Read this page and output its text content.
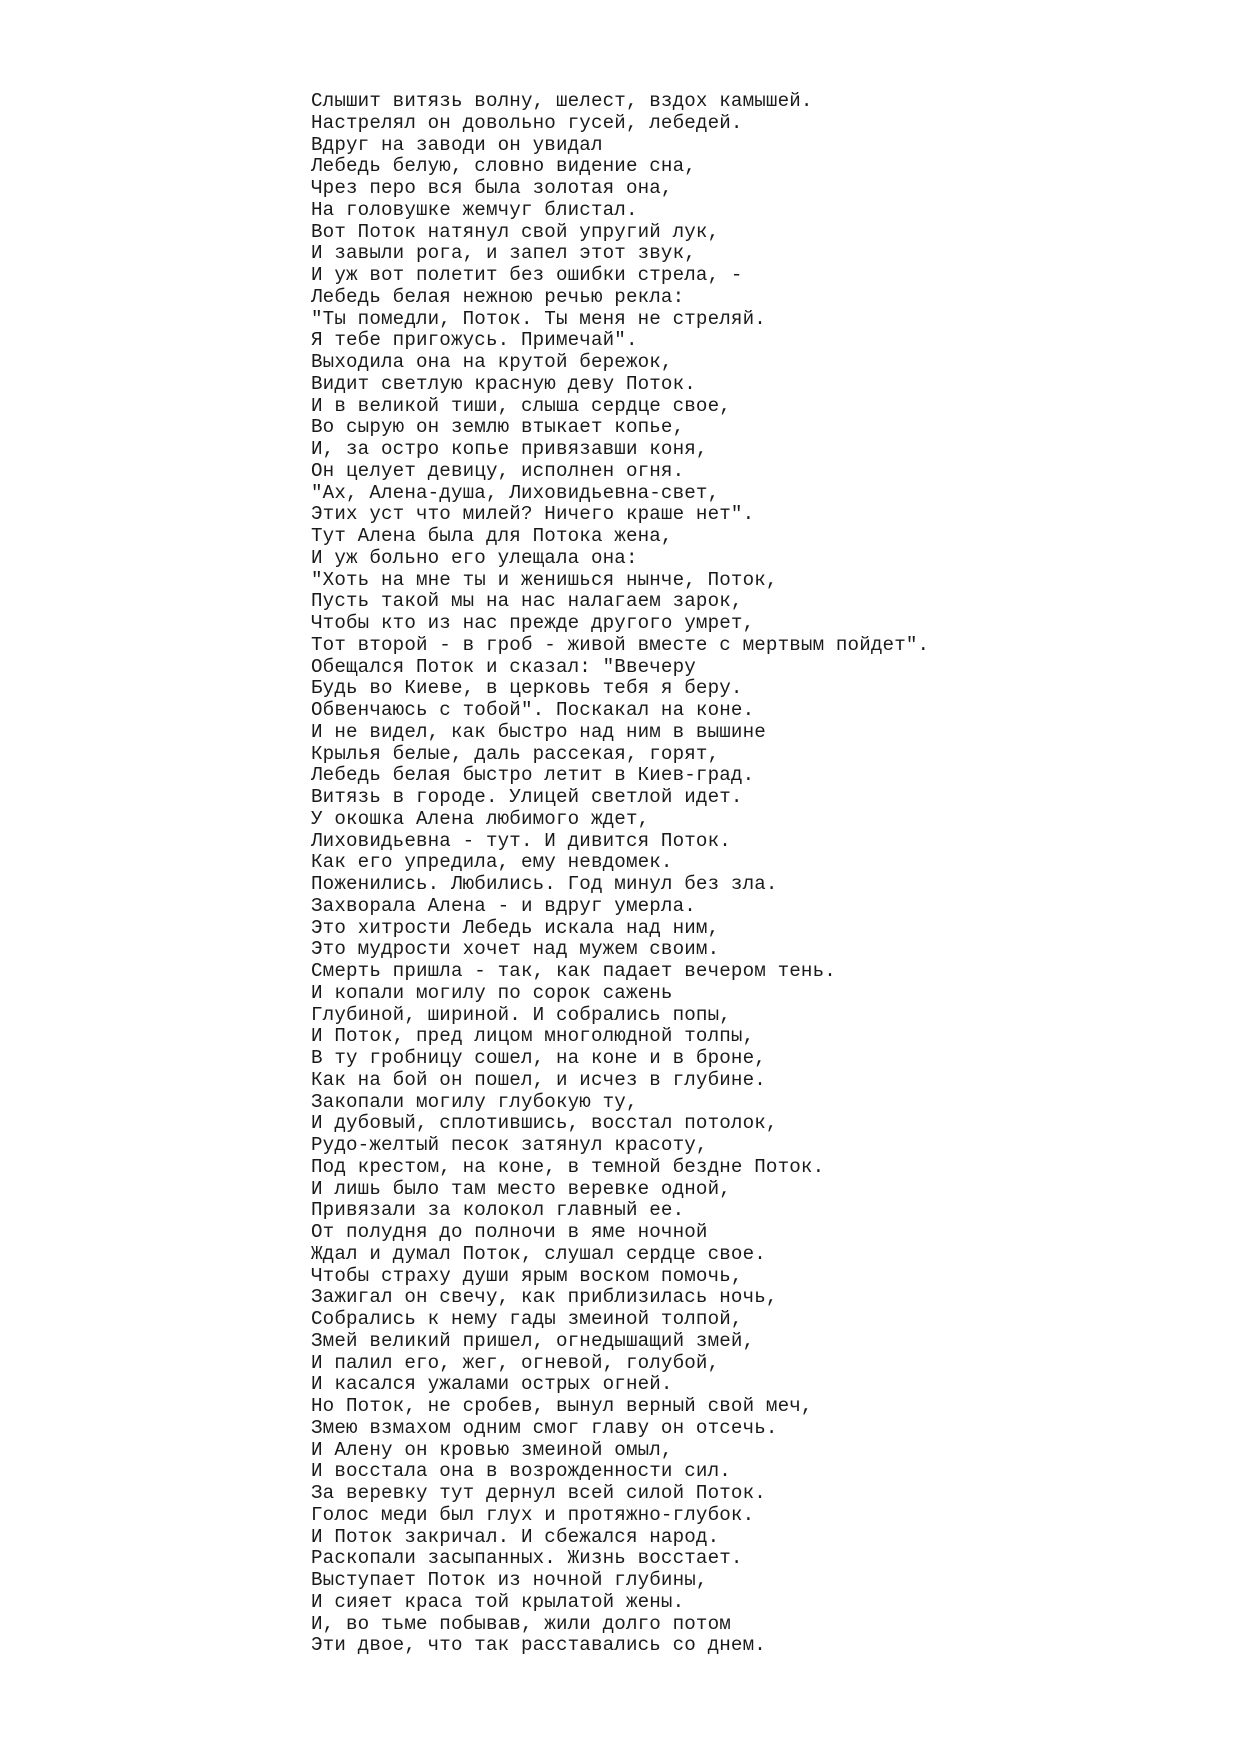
Слышит витязь волну, шелест, вздох камышей.
Настрелял он довольно гусей, лебедей.
Вдруг на заводи он увидал
Лебедь белую, словно видение сна,
Чрез перо вся была золотая она,
На головушке жемчуг блистал.
Вот Поток натянул свой упругий лук,
И завыли рога, и запел этот звук,
И уж вот полетит без ошибки стрела, -
Лебедь белая нежною речью рекла:
"Ты помедли, Поток. Ты меня не стреляй.
Я тебе пригожусь. Примечай".
Выходила она на крутой бережок,
Видит светлую красную деву Поток.
И в великой тиши, слыша сердце свое,
Во сырую он землю втыкает копье,
И, за остро копье привязавши коня,
Он целует девицу, исполнен огня.
"Ах, Алена-душа, Лиховидьевна-свет,
Этих уст что милей? Ничего краше нет".
Тут Алена была для Потока жена,
И уж больно его улещала она:
"Хоть на мне ты и женишься нынче, Поток,
Пусть такой мы на нас налагаем зарок,
Чтобы кто из нас прежде другого умрет,
Тот второй - в гроб - живой вместе с мертвым пойдет".
Обещался Поток и сказал: "Ввечеру
Будь во Киеве, в церковь тебя я беру.
Обвенчаюсь с тобой". Поскакал на коне.
И не видел, как быстро над ним в вышине
Крылья белые, даль рассекая, горят,
Лебедь белая быстро летит в Киев-град.
Витязь в городе. Улицей светлой идет.
У окошка Алена любимого ждет,
Лиховидьевна - тут. И дивится Поток.
Как его упредила, ему невдомек.
Поженились. Любились. Год минул без зла.
Захворала Алена - и вдруг умерла.
Это хитрости Лебедь искала над ним,
Это мудрости хочет над мужем своим.
Смерть пришла - так, как падает вечером тень.
И копали могилу по сорок сажень
Глубиной, шириной. И собрались попы,
И Поток, пред лицом многолюдной толпы,
В ту гробницу сошел, на коне и в броне,
Как на бой он пошел, и исчез в глубине.
Закопали могилу глубокую ту,
И дубовый, сплотившись, восстал потолок,
Рудо-желтый песок затянул красоту,
Под крестом, на коне, в темной бездне Поток.
И лишь было там место веревке одной,
Привязали за колокол главный ее.
От полудня до полночи в яме ночной
Ждал и думал Поток, слушал сердце свое.
Чтобы страху души ярым воском помочь,
Зажигал он свечу, как приблизилась ночь,
Собрались к нему гады змеиной толпой,
Змей великий пришел, огнедышащий змей,
И палил его, жег, огневой, голубой,
И касался ужалами острых огней.
Но Поток, не сробев, вынул верный свой меч,
Змею взмахом одним смог главу он отсечь.
И Алену он кровью змеиной омыл,
И восстала она в возрожденности сил.
За веревку тут дернул всей силой Поток.
Голос меди был глух и протяжно-глубок.
И Поток закричал. И сбежался народ.
Раскопали засыпанных. Жизнь восстает.
Выступает Поток из ночной глубины,
И сияет краса той крылатой жены.
И, во тьме побывав, жили долго потом
Эти двое, что так расставались со днем.
